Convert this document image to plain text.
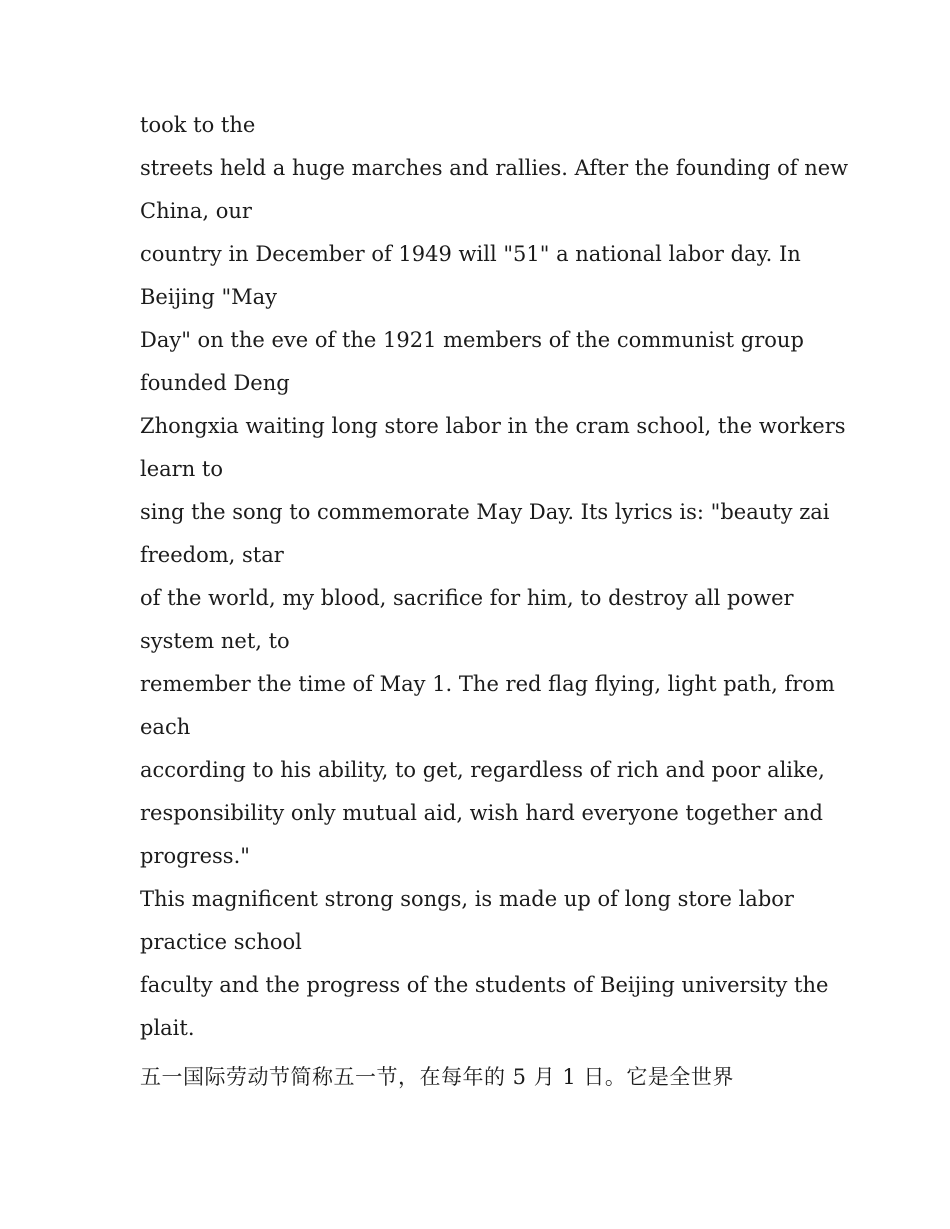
took to the
streets held a huge marches and rallies. After the founding of new
China, our
country in December of 1949 will "51" a national labor day. In
Beijing "May
Day" on the eve of the 1921 members of the communist group
founded Deng
Zhongxia waiting long store labor in the cram school, the workers
learn to
sing the song to commemorate May Day. Its lyrics is: "beauty zai
freedom, star
of the world, my blood, sacrifice for him, to destroy all power
system net, to
remember the time of May 1. The red flag flying, light path, from
each
according to his ability, to get, regardless of rich and poor alike,
responsibility only mutual aid, wish hard everyone together and
progress."
This magnificent strong songs, is made up of long store labor
practice school
faculty and the progress of the students of Beijing university the
plait.
五一国际劳动节简称五一节，在每年的 5 月 1 日。它是全世界
